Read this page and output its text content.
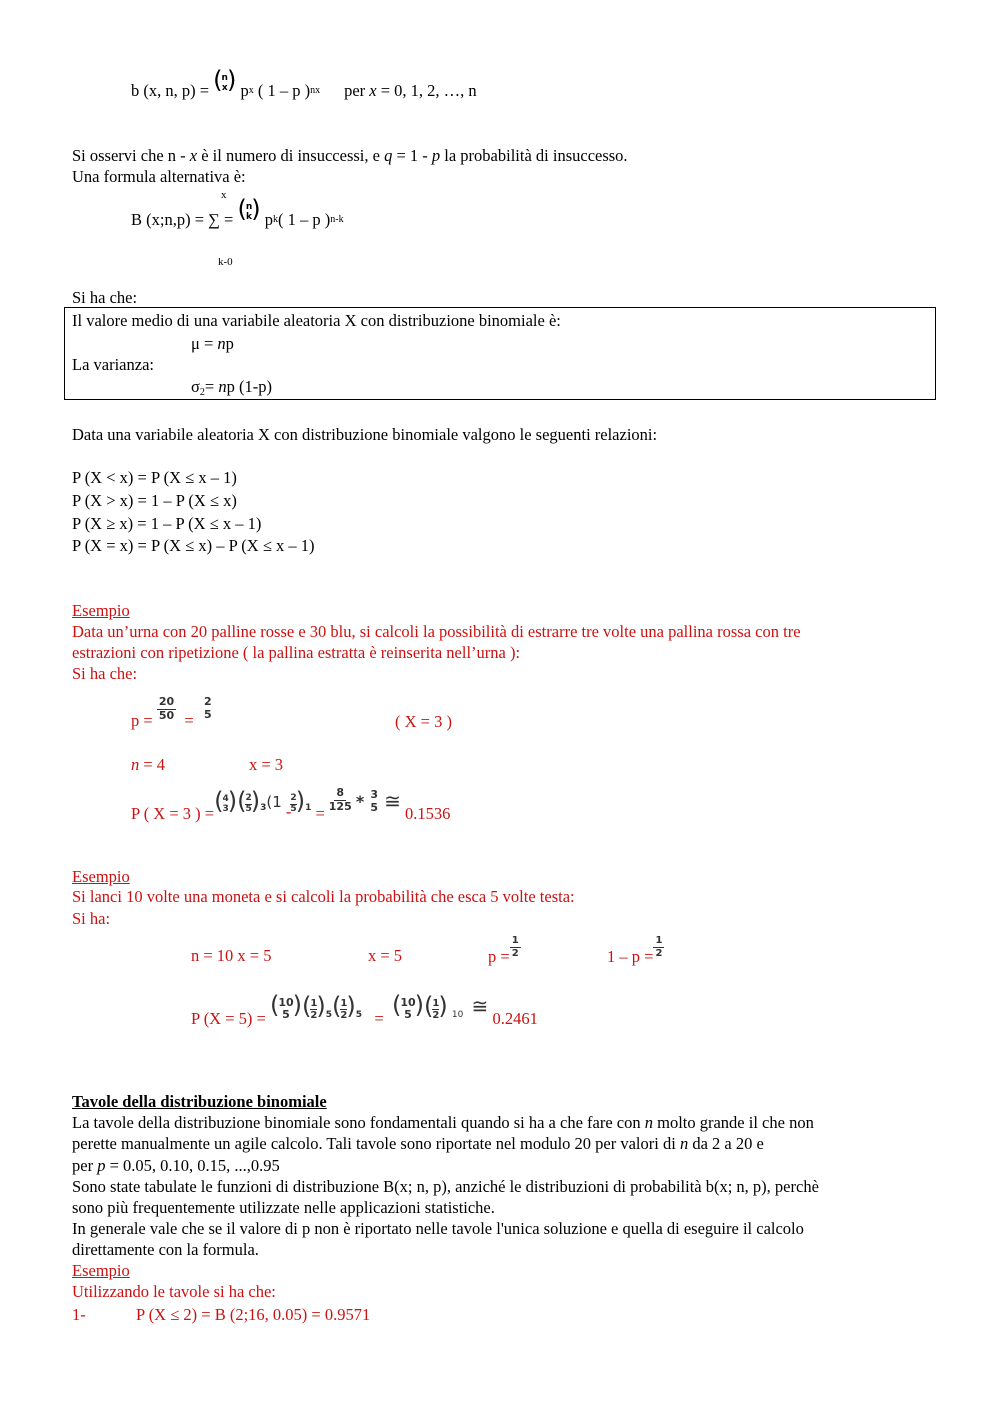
b (x, n, p) =
( n
x )
p x
( 1 – p ) nx per
x
= 0, 1, 2, …, n
Si osservi che n - x è il numero di insuccessi, e q = 1 - p la probabilità di insuccesso.
Una formula alternativa è:
x
B (x;n,p) = ∑ =
( n
k )
p k ( 1 – p ) n-k
k-0
Si ha che:
Il valore medio di una variabile aleatoria X con distribuzione binomiale è:
μ = np
La varianza:
$\sigma_2=$ np (1-p)
Data una variabile aleatoria X con distribuzione binomiale valgono le seguenti relazioni:
P (X < x) = P (X ≤ x – 1)
P (X > x) = 1 – P (X ≤ x)
P (X ≥ x) = 1 – P (X ≤ x – 1)
P (X = x) = P (X ≤ x) – P (X ≤ x – 1)
Esempio
Data un’urna con 20 palline rosse e 30 blu, si calcoli la possibilità di estrarre tre volte una pallina rossa con tre
estrazioni con ripetizione ( la pallina estratta è reinserita nell’urna ):
Si ha che:
p =
$\frac{20}{50}$
=

2
5	( X = 3 )
n = 4	x = 3
P ( X = 3 ) = ( 4
3 ) ( $\frac{2}{5}$ ) 3 (1

- $\frac{2}{5}$ ) 1
=
$\frac{8}{125}$
*
3
5
≅

0.1536
Esempio
Si lanci 10 volte una moneta e si calcoli la probabilità che esca 5 volte testa:
Si ha:
n = 10 x = 5	x = 5	$p = \frac{1}{2}$	$1 - p = \frac{1}{2}$
P (X = 5) =
( 10
5 ) ( $\frac{1}{2}$ ) 5 ( $\frac{1}{2}$ ) 5
=
( 10
5 ) ( $\frac{1}{2}$ )
10
≅

0.2461
Tavole della distribuzione binomiale
La tavole della distribuzione binomiale sono fondamentali quando si ha a che fare con n molto grande il che non
perette manualmente un agile calcolo. Tali tavole sono riportate nel modulo 20 per valori di n da 2 a 20 e
per p = 0.05, 0.10, 0.15, ...,0.95
Sono state tabulate le funzioni di distribuzione B(x; n, p), anziché le distribuzioni di probabilità b(x; n, p), perchè
sono più frequentemente utilizzate nelle applicazioni statistiche.
In generale vale che se il valore di p non è riportato nelle tavole l'unica soluzione e quella di eseguire il calcolo
direttamente con la formula.
Esempio
Utilizzando le tavole si ha che:
1-	P (X ≤ 2) = B (2;16, 0.05) = 0.9571
